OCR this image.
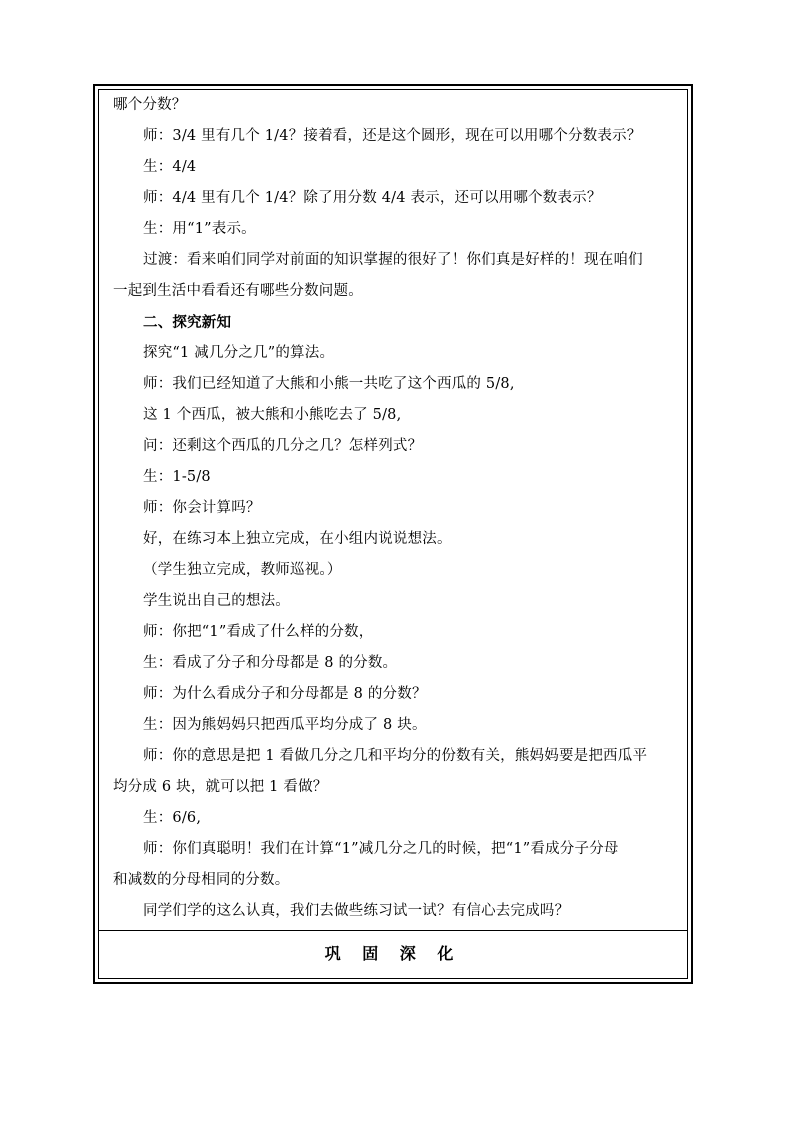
哪个分数？
师：3/4 里有几个 1/4？接着看，还是这个圆形，现在可以用哪个分数表示？
生：4/4
师：4/4 里有几个 1/4？除了用分数 4/4 表示，还可以用哪个数表示？
生：用“1”表示。
过渡：看来咱们同学对前面的知识掌握的很好了！你们真是好样的！现在咱们
一起到生活中看看还有哪些分数问题。
二、探究新知
探究“1 减几分之几”的算法。
师：我们已经知道了大熊和小熊一共吃了这个西瓜的 5/8,
这 1 个西瓜，被大熊和小熊吃去了 5/8,
问：还剩这个西瓜的几分之几？怎样列式？
生：1-5/8
师：你会计算吗？
好，在练习本上独立完成，在小组内说说想法。
（学生独立完成，教师巡视。）
学生说出自己的想法。
师：你把“1”看成了什么样的分数，
生：看成了分子和分母都是 8 的分数。
师：为什么看成分子和分母都是 8 的分数？
生：因为熊妈妈只把西瓜平均分成了 8 块。
师：你的意思是把 1 看做几分之几和平均分的份数有关，熊妈妈要是把西瓜平
均分成 6 块，就可以把 1 看做？
生：6/6,
师：你们真聪明！我们在计算“1”减几分之几的时候，把“1”看成分子分母
和减数的分母相同的分数。
同学们学的这么认真，我们去做些练习试一试？有信心去完成吗？
巩 固 深 化
